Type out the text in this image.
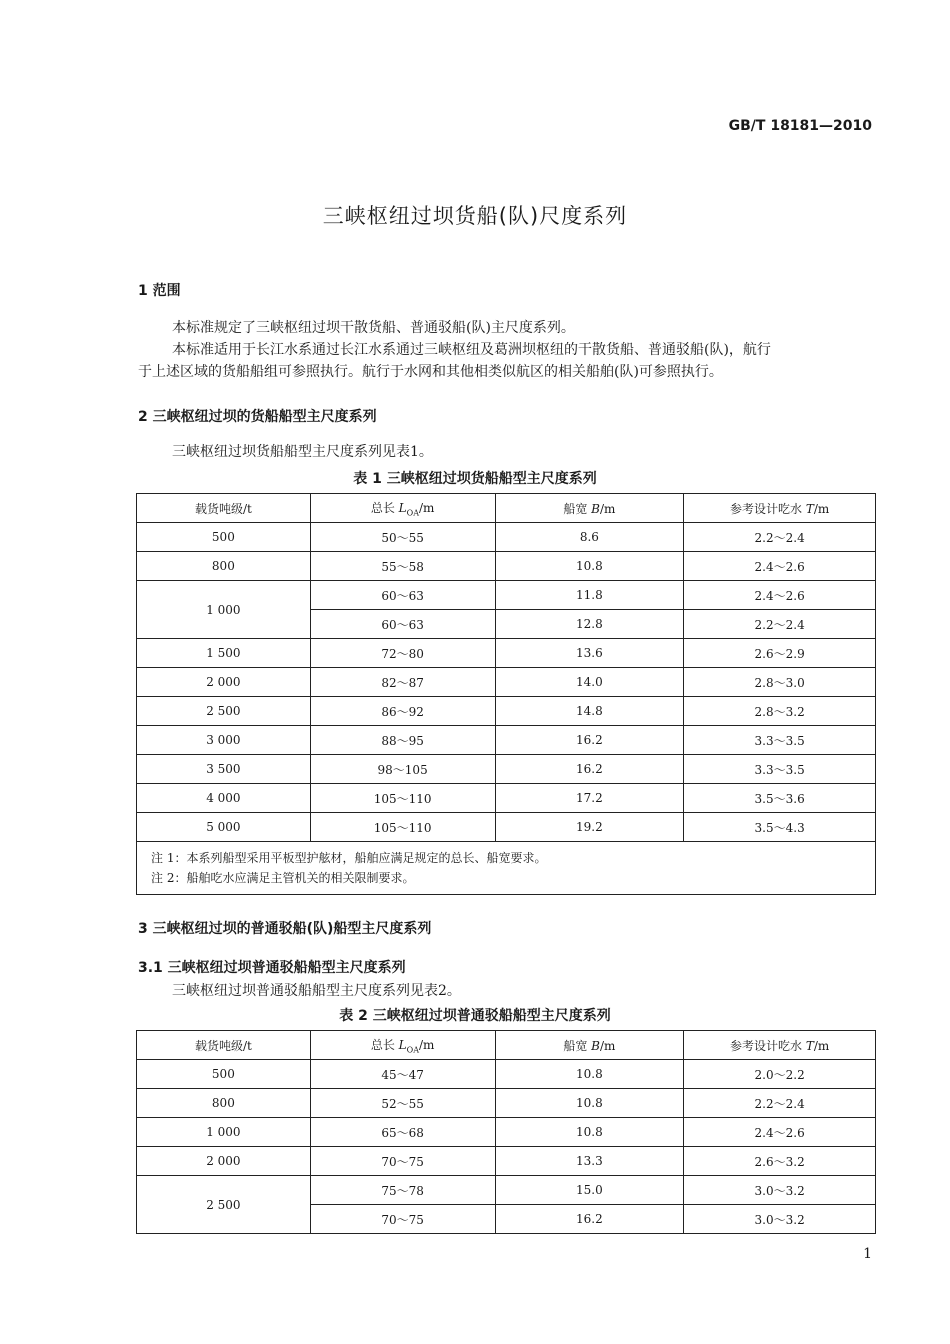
GB/T 18181—2010
三峡枢纽过坝货船(队)尺度系列
1 范围
本标准规定了三峡枢纽过坝干散货船、普通驳船(队)主尺度系列。
本标准适用于长江水系通过长江水系通过三峡枢纽及葛洲坝枢纽的干散货船、普通驳船(队)，航行
于上述区域的货船船组可参照执行。航行于水网和其他相类似航区的相关船舶(队)可参照执行。
2 三峡枢纽过坝的货船船型主尺度系列
三峡枢纽过坝货船船型主尺度系列见表1。
表 1 三峡枢纽过坝货船船型主尺度系列
载货吨级/t	总长 $L_{OA}/m$	船宽 B/m	参考设计吃水 T/m
500	50～55	8.6	2.2～2.4
800	55～58	10.8	2.4～2.6
1 000	60～63	11.8	2.4～2.6
	60～63	12.8	2.2～2.4
1 500	72～80	13.6	2.6～2.9
2 000	82～87	14.0	2.8～3.0
2 500	86～92	14.8	2.8～3.2
3 000	88～95	16.2	3.3～3.5
3 500	98～105	16.2	3.3～3.5
4 000	105～110	17.2	3.5～3.6
5 000	105～110	19.2	3.5～4.3

注 1：本系列船型采用平板型护舷材，船舶应满足规定的总长、船宽要求。
注 2：船舶吃水应满足主管机关的相关限制要求。			
3 三峡枢纽过坝的普通驳船(队)船型主尺度系列
3.1 三峡枢纽过坝普通驳船船型主尺度系列
三峡枢纽过坝普通驳船船型主尺度系列见表2。
表 2 三峡枢纽过坝普通驳船船型主尺度系列
载货吨级/t	总长 $L_{OA}/m$	船宽 B/m	参考设计吃水 T/m
500	45～47	10.8	2.0～2.2
800	52～55	10.8	2.2～2.4
1 000	65～68	10.8	2.4～2.6
2 000	70～75	13.3	2.6～3.2
2 500	75～78	15.0	3.0～3.2
	70～75	16.2	3.0～3.2
1
